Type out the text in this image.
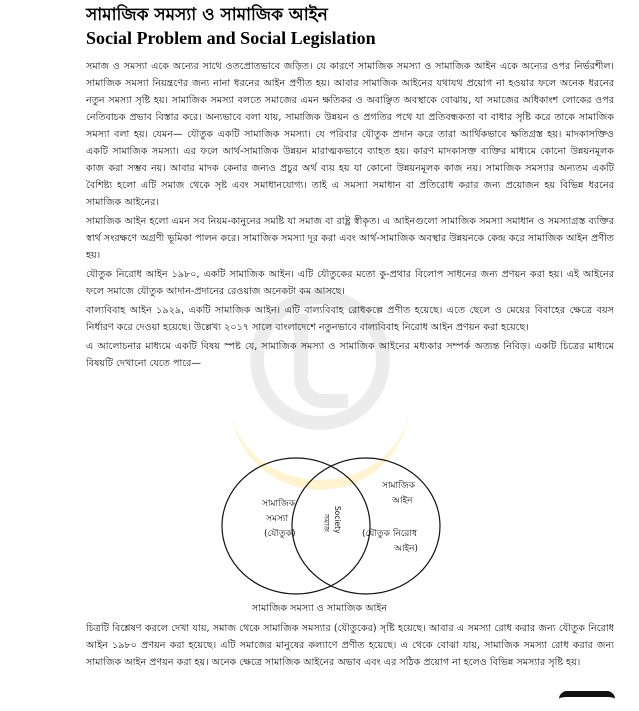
সামাজিক সমস্যা ও সামাজিক আইন
Social Problem and Social Legislation

সমাজ ও সমস্যা একে অন্যের সাথে ওতপ্রোতভাবে জড়িত। যে কারণে সামাজিক সমস্যা ও সামাজিক আইন একে অন্যের ওপর নির্ভরশীল। সামাজিক সমস্যা নিয়ন্ত্রণের জন্য নানা ধরনের আইন প্রণীত হয়। আবার সামাজিক আইনের যথাযথ প্রয়োগ না হওয়ার ফলে অনেক ধরনের নতুন সমস্যা সৃষ্টি হয়। সামাজিক সমস্যা বলতে সমাজের এমন ক্ষতিকর ও অবাঞ্ছিত অবস্থাকে বোঝায়, যা সমাজের অধিকাংশ লোকের ওপর নেতিবাচক প্রভাব বিস্তার করে। অন্যভাবে বলা যায়, সামাজিক উন্নয়ন ও প্রগতির পথে যা প্রতিবন্ধকতা বা বাধার সৃষ্টি করে তাকে সামাজিক সমস্যা বলা হয়। যেমন— যৌতুক একটি সামাজিক সমস্যা। যে পরিবার যৌতুক প্রদান করে তারা আর্থিকভাবে ক্ষতিগ্রস্ত হয়। মাদকাসক্তিও একটি সামাজিক সমস্যা। এর ফলে আর্থ-সামাজিক উন্নয়ন মারাত্মকভাবে ব্যাহত হয়। কারণ মাদকাসক্ত ব্যক্তির মাধ্যমে কোনো উন্নয়নমূলক কাজ করা সম্ভব নয়। আবার মাদক কেনার জন্যও প্রচুর অর্থ ব্যয় হয় যা কোনো উন্নয়নমূলক কাজ নয়। সামাজিক সমস্যার অন্যতম একটি বৈশিষ্ট্য হলো এটি সমাজ থেকে সৃষ্ট এবং সমাধানযোগ্য। তাই এ সমস্যা সমাধান বা প্রতিরোধ করার জন্য প্রয়োজন হয় বিভিন্ন ধরনের সামাজিক আইনের।

সামাজিক আইন হলো এমন সব নিয়ম-কানুনের সমষ্টি যা সমাজ বা রাষ্ট্র স্বীকৃত। এ আইনগুলো সামাজিক সমস্যা সমাধান ও সমস্যাগ্রস্ত ব্যক্তির স্বার্থ সংরক্ষণে অগ্রণী ভূমিকা পালন করে। সামাজিক সমস্যা দূর করা এবং আর্থ-সামাজিক অবস্থার উন্নয়নকে কেন্দ্র করে সামাজিক আইন প্রণীত হয়।

যৌতুক নিরোধ আইন ১৯৮০, একটি সামাজিক আইন। এটি যৌতুকের মতো কু-প্রথার বিলোপ সাধনের জন্য প্রণয়ন করা হয়। এই আইনের ফলে সমাজে যৌতুক আদান-প্রদানের রেওয়াজ অনেকটা কম আসছে।

বাল্যবিবাহ আইন ১৯২৯, একটি সামাজিক আইন। এটি বাল্যবিবাহ রোধকল্পে প্রণীত হয়েছে। এতে ছেলে ও মেয়ের বিবাহের ক্ষেত্রে বয়স নির্ধারণ করে দেওয়া হয়েছে। উল্লেখ্য ২০১৭ সালে বাংলাদেশে নতুনভাবে বাল্যবিবাহ নিরোধ আইন প্রণয়ন করা হয়েছে।

এ আলোচনার মাধ্যমে একটি বিষয় স্পষ্ট যে, সামাজিক সমস্যা ও সামাজিক আইনের মধ্যকার সম্পর্ক অত্যন্ত নিবিড়। একটি চিত্রের মাধ্যমে বিষয়টি দেখানো যেতে পারে—

সামাজিক
সমস্যা
(যৌতুক)
সামাজিক
আইন
(যৌতুক নিরোধ
আইন)
সমাজ Society
সামাজিক সমস্যা ও সামাজিক আইন

চিত্রটি বিশ্লেষণ করলে দেখা যায়, সমাজ থেকে সামাজিক সমস্যার (যৌতুকের) সৃষ্টি হয়েছে। আবার এ সমস্যা রোধ করার জন্য যৌতুক নিরোধ আইন ১৯৮০ প্রণয়ন করা হয়েছে। এটি সমাজের মানুষের কল্যাণে প্রণীত হয়েছে। এ থেকে বোঝা যায়, সামাজিক সমস্যা রোধ করার জন্য সামাজিক আইন প্রণয়ন করা হয়। অনেক ক্ষেত্রে সামাজিক আইনের অভাব এবং এর সঠিক প্রয়োগ না হলেও বিভিন্ন সমস্যার সৃষ্টি হয়।
